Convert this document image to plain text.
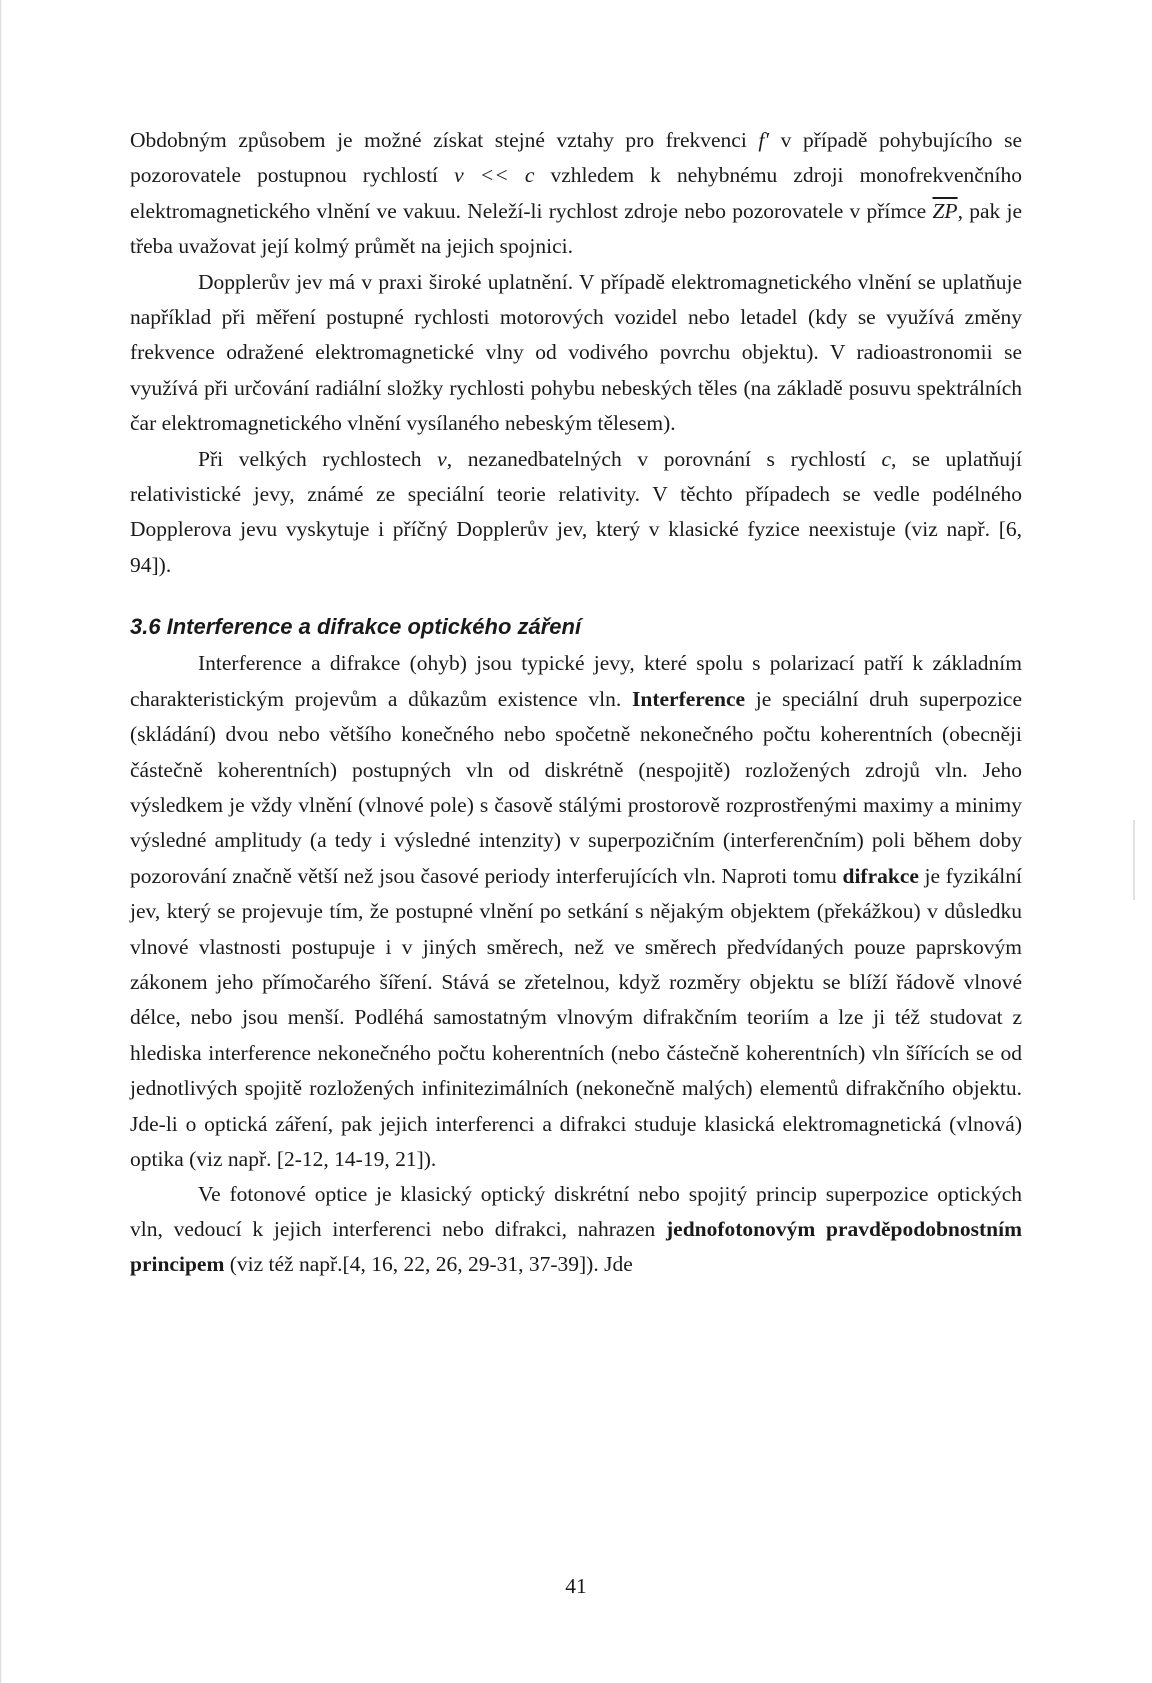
Obdobným způsobem je možné získat stejné vztahy pro frekvenci f′ v případě pohybujícího se pozorovatele postupnou rychlostí v << c vzhledem k nehybnému zdroji monofrekvenčního elektromagnetického vlnění ve vakuu. Neleží-li rychlost zdroje nebo pozorovatele v přímce $\overline{ZP}$, pak je třeba uvažovat její kolmý průmět na jejich spojnici.

Dopplerův jev má v praxi široké uplatnění. V případě elektromagnetického vlnění se uplatňuje například při měření postupné rychlosti motorových vozidel nebo letadel (kdy se využívá změny frekvence odražené elektromagnetické vlny od vodivého povrchu objektu). V radioastronomii se využívá při určování radiální složky rychlosti pohybu nebeských těles (na základě posuvu spektrálních čar elektromagnetického vlnění vysílaného nebeským tělesem).

Při velkých rychlostech v, nezanedbatelných v porovnání s rychlostí c, se uplatňují relativistické jevy, známé ze speciální teorie relativity. V těchto případech se vedle podélného Dopplerova jevu vyskytuje i příčný Dopplerův jev, který v klasické fyzice neexistuje (viz např. [6, 94]).

3.6 Interference a difrakce optického záření

Interference a difrakce (ohyb) jsou typické jevy, které spolu s polarizací patří k základním charakteristickým projevům a důkazům existence vln. Interference je speciální druh superpozice (skládání) dvou nebo většího konečného nebo spočetně nekonečného počtu koherentních (obecněji částečně koherentních) postupných vln od diskrétně (nespojitě) rozložených zdrojů vln. Jeho výsledkem je vždy vlnění (vlnové pole) s časově stálými prostorově rozprostřenými maximy a minimy výsledné amplitudy (a tedy i výsledné intenzity) v superpozičním (interferenčním) poli během doby pozorování značně větší než jsou časové periody interferujících vln. Naproti tomu difrakce je fyzikální jev, který se projevuje tím, že postupné vlnění po setkání s nějakým objektem (překážkou) v důsledku vlnové vlastnosti postupuje i v jiných směrech, než ve směrech předvídaných pouze paprskovým zákonem jeho přímočarého šíření. Stává se zřetelnou, když rozměry objektu se blíží řádově vlnové délce, nebo jsou menší. Podléhá samostatným vlnovým difrakčním teoriím a lze ji též studovat z hlediska interference nekonečného počtu koherentních (nebo částečně koherentních) vln šířících se od jednotlivých spojitě rozložených infinitezimálních (nekonečně malých) elementů difrakčního objektu. Jde-li o optická záření, pak jejich interferenci a difrakci studuje klasická elektromagnetická (vlnová) optika (viz např. [2-12, 14-19, 21]).

Ve fotonové optice je klasický optický diskrétní nebo spojitý princip superpozice optických vln, vedoucí k jejich interferenci nebo difrakci, nahrazen jednofotonovým pravděpodobnostním principem (viz též např.[4, 16, 22, 26, 29-31, 37-39]). Jde

41
